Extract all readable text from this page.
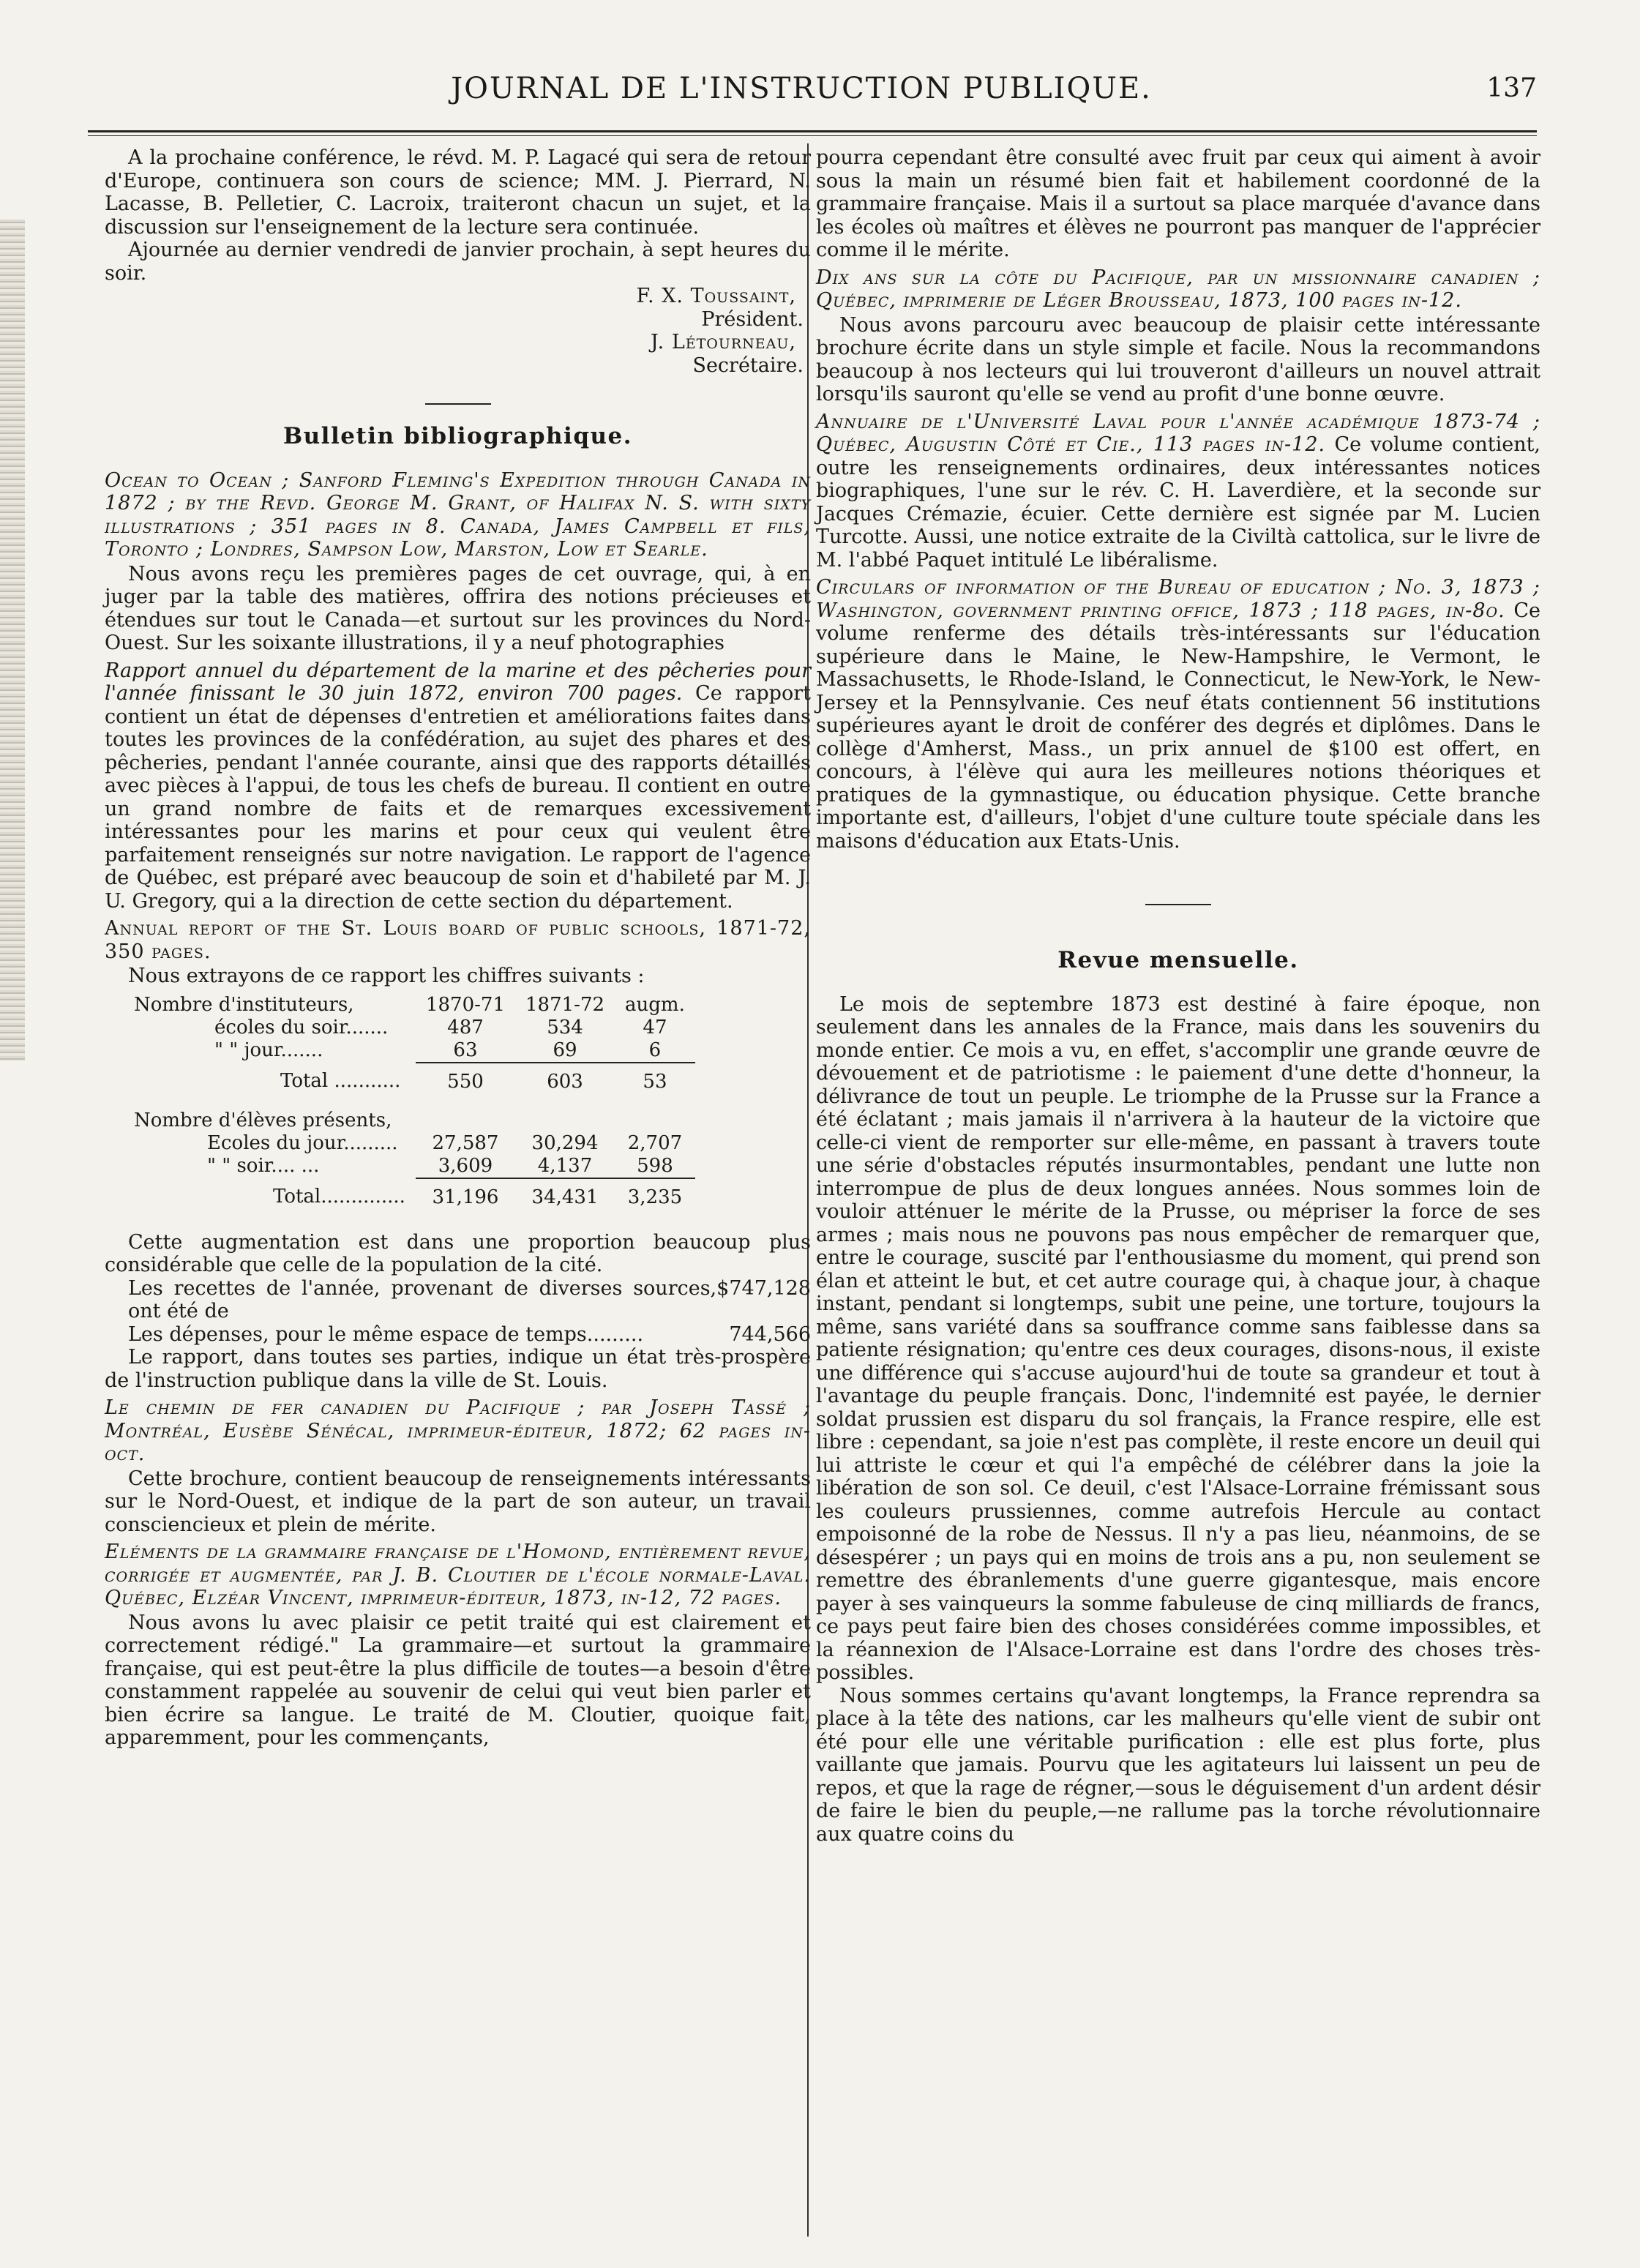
JOURNAL DE L'INSTRUCTION PUBLIQUE.	137

A la prochaine conférence, le révd. M. P. Lagacé qui sera de retour d'Europe, continuera son cours de science; MM. J. Pierrard, N. Lacasse, B. Pelletier, C. Lacroix, traiteront chacun un sujet, et la discussion sur l'enseignement de la lecture sera continuée.

Ajournée au dernier vendredi de janvier prochain, à sept heures du soir.

F. X. Toussaint,

Président.

J. Létourneau,

Secrétaire.

Bulletin bibliographique.

Ocean to Ocean ; Sanford Fleming's Expedition through Canada in 1872 ; by the Revd. George M. Grant, of Halifax N. S. with sixty illustrations ; 351 pages in 8. Canada, James Campbell et fils, Toronto ; Londres, Sampson Low, Marston, Low et Searle.

Nous avons reçu les premières pages de cet ouvrage, qui, à en juger par la table des matières, offrira des notions précieuses et étendues sur tout le Canada—et surtout sur les provinces du Nord-Ouest. Sur les soixante illustrations, il y a neuf photographies

Rapport annuel du département de la marine et des pêcheries pour l'année finissant le 30 juin 1872, environ 700 pages. Ce rapport contient un état de dépenses d'entretien et améliorations faites dans toutes les provinces de la confédération, au sujet des phares et des pêcheries, pendant l'année courante, ainsi que des rapports détaillés avec pièces à l'appui, de tous les chefs de bureau. Il contient en outre un grand nombre de faits et de remarques excessivement intéressantes pour les marins et pour ceux qui veulent être parfaitement renseignés sur notre navigation. Le rapport de l'agence de Québec, est préparé avec beaucoup de soin et d'habileté par M. J. U. Gregory, qui a la direction de cette section du département.

Annual report of the St. Louis board of public schools, 1871-72, 350 pages.

Nous extrayons de ce rapport les chiffres suivants :

Nombre d'instituteurs,	1870-71	1871-72	augm.
écoles du soir.......	487	534	47
" " jour.......	63	69	6
Total ...........	550	603	53

Nombre d'élèves présents,			
Ecoles du jour.........	27,587	30,294	2,707
" " soir.... ...	3,609	4,137	598
Total..............	31,196	34,431	3,235

Cette augmentation est dans une proportion beaucoup plus considérable que celle de la population de la cité.

Les recettes de l'année, provenant de diverses sources, ont été de
$747,128
Les dépenses, pour le même espace de temps.........	744,566

Le rapport, dans toutes ses parties, indique un état très-prospère de l'instruction publique dans la ville de St. Louis.

Le chemin de fer canadien du Pacifique ; par Joseph Tassé ; Montréal, Eusèbe Sénécal, imprimeur-éditeur, 1872; 62 pages in-oct.

Cette brochure, contient beaucoup de renseignements intéressants sur le Nord-Ouest, et indique de la part de son auteur, un travail consciencieux et plein de mérite.

Eléments de la grammaire française de l'Homond, entièrement revue, corrigée et augmentée, par J. B. Cloutier de l'école normale-Laval. Québec, Elzéar Vincent, imprimeur-éditeur, 1873, in-12, 72 pages.

Nous avons lu avec plaisir ce petit traité qui est clairement et correctement rédigé." La grammaire—et surtout la grammaire française, qui est peut-être la plus difficile de toutes—a besoin d'être constamment rappelée au souvenir de celui qui veut bien parler et bien écrire sa langue. Le traité de M. Cloutier, quoique fait, apparemment, pour les commençants,

pourra cependant être consulté avec fruit par ceux qui aiment à avoir sous la main un résumé bien fait et habilement coordonné de la grammaire française. Mais il a surtout sa place marquée d'avance dans les écoles où maîtres et élèves ne pourront pas manquer de l'apprécier comme il le mérite.

Dix ans sur la côte du Pacifique, par un missionnaire canadien ; Québec, imprimerie de Léger Brousseau, 1873, 100 pages in-12.

Nous avons parcouru avec beaucoup de plaisir cette intéressante brochure écrite dans un style simple et facile. Nous la recommandons beaucoup à nos lecteurs qui lui trouveront d'ailleurs un nouvel attrait lorsqu'ils sauront qu'elle se vend au profit d'une bonne œuvre.

Annuaire de l'Université Laval pour l'année académique 1873-74 ; Québec, Augustin Côté et Cie., 113 pages in-12. Ce volume contient, outre les renseignements ordinaires, deux intéressantes notices biographiques, l'une sur le rév. C. H. Laverdière, et la seconde sur Jacques Crémazie, écuier. Cette dernière est signée par M. Lucien Turcotte. Aussi, une notice extraite de la Civiltà cattolica, sur le livre de M. l'abbé Paquet intitulé Le libéralisme.

Circulars of information of the Bureau of education ; No. 3, 1873 ; Washington, government printing office, 1873 ; 118 pages, in-8o. Ce volume renferme des détails très-intéressants sur l'éducation supérieure dans le Maine, le New-Hampshire, le Vermont, le Massachusetts, le Rhode-Island, le Connecticut, le New-York, le New-Jersey et la Pennsylvanie. Ces neuf états contiennent 56 institutions supérieures ayant le droit de conférer des degrés et diplômes. Dans le collège d'Amherst, Mass., un prix annuel de $100 est offert, en concours, à l'élève qui aura les meilleures notions théoriques et pratiques de la gymnastique, ou éducation physique. Cette branche importante est, d'ailleurs, l'objet d'une culture toute spéciale dans les maisons d'éducation aux Etats-Unis.

Revue mensuelle.

Le mois de septembre 1873 est destiné à faire époque, non seulement dans les annales de la France, mais dans les souvenirs du monde entier. Ce mois a vu, en effet, s'accomplir une grande œuvre de dévouement et de patriotisme : le paiement d'une dette d'honneur, la délivrance de tout un peuple. Le triomphe de la Prusse sur la France a été éclatant ; mais jamais il n'arrivera à la hauteur de la victoire que celle-ci vient de remporter sur elle-même, en passant à travers toute une série d'obstacles réputés insurmontables, pendant une lutte non interrompue de plus de deux longues années. Nous sommes loin de vouloir atténuer le mérite de la Prusse, ou mépriser la force de ses armes ; mais nous ne pouvons pas nous empêcher de remarquer que, entre le courage, suscité par l'enthousiasme du moment, qui prend son élan et atteint le but, et cet autre courage qui, à chaque jour, à chaque instant, pendant si longtemps, subit une peine, une torture, toujours la même, sans variété dans sa souffrance comme sans faiblesse dans sa patiente résignation; qu'entre ces deux courages, disons-nous, il existe une différence qui s'accuse aujourd'hui de toute sa grandeur et tout à l'avantage du peuple français. Donc, l'indemnité est payée, le dernier soldat prussien est disparu du sol français, la France respire, elle est libre : cependant, sa joie n'est pas complète, il reste encore un deuil qui lui attriste le cœur et qui l'a empêché de célébrer dans la joie la libération de son sol. Ce deuil, c'est l'Alsace-Lorraine frémissant sous les couleurs prussiennes, comme autrefois Hercule au contact empoisonné de la robe de Nessus. Il n'y a pas lieu, néanmoins, de se désespérer ; un pays qui en moins de trois ans a pu, non seulement se remettre des ébranlements d'une guerre gigantesque, mais encore payer à ses vainqueurs la somme fabuleuse de cinq milliards de francs, ce pays peut faire bien des choses considérées comme impossibles, et la réannexion de l'Alsace-Lorraine est dans l'ordre des choses très-possibles.

Nous sommes certains qu'avant longtemps, la France reprendra sa place à la tête des nations, car les malheurs qu'elle vient de subir ont été pour elle une véritable purification : elle est plus forte, plus vaillante que jamais. Pourvu que les agitateurs lui laissent un peu de repos, et que la rage de régner,—sous le déguisement d'un ardent désir de faire le bien du peuple,—ne rallume pas la torche révolutionnaire aux quatre coins du
